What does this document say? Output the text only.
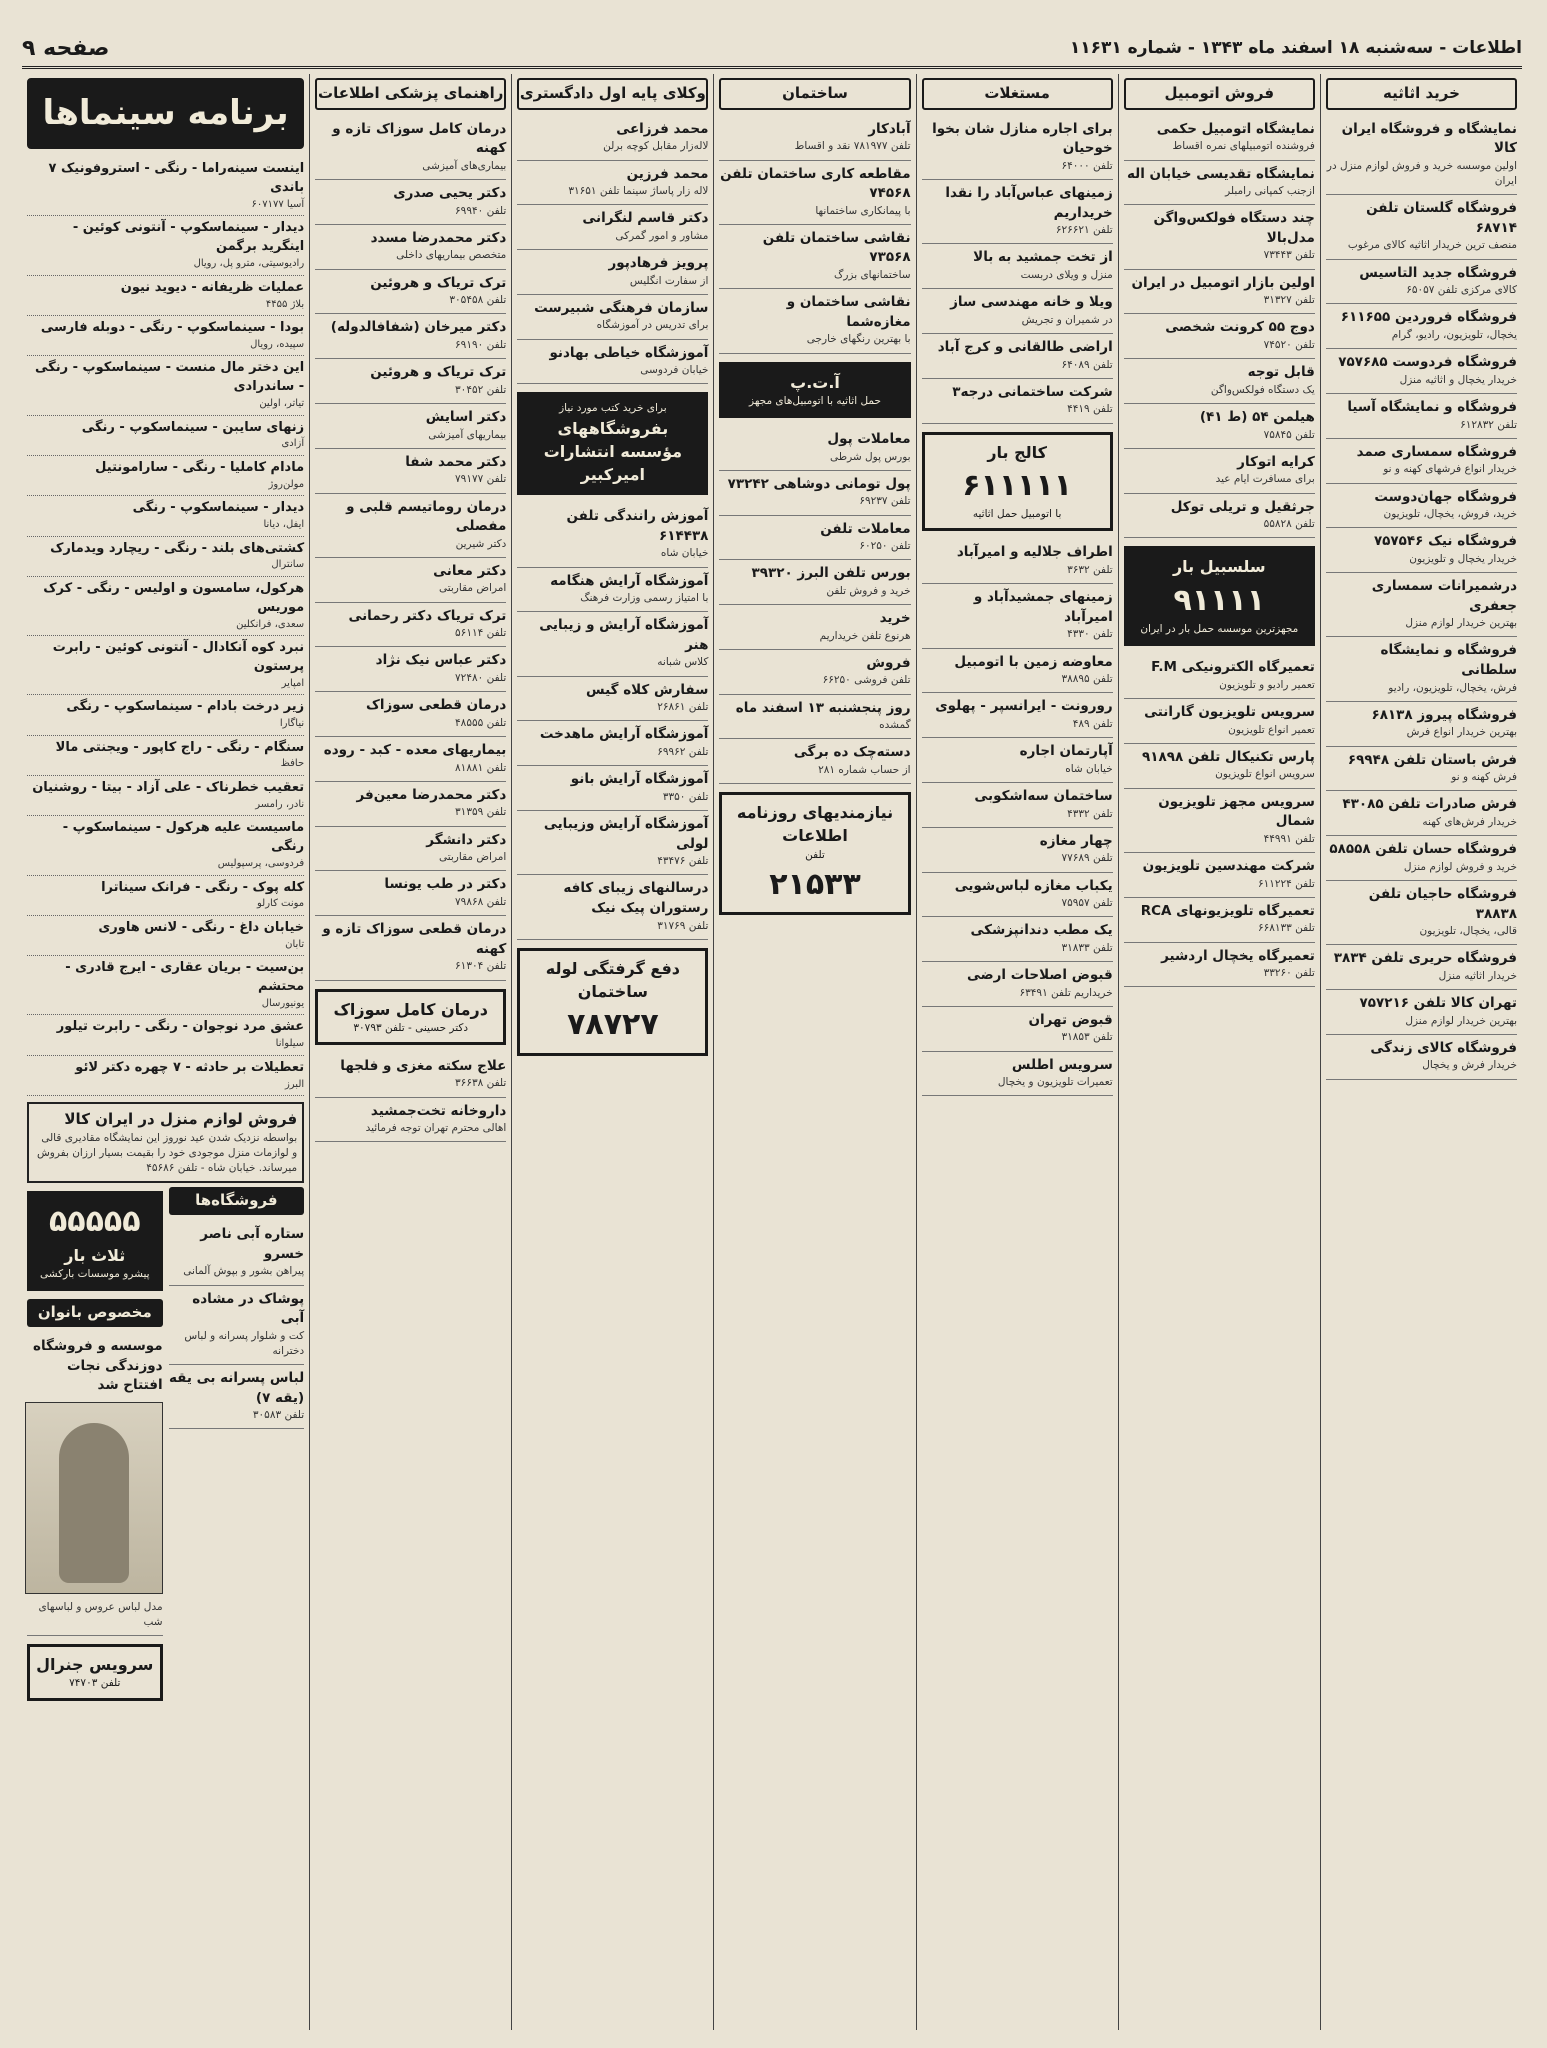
اطلاعات - سه‌شنبه ۱۸ اسفند ماه ۱۳۴۳ - شماره ۱۱۶۳۱
صفحه ۹
خرید اثاثیه
نمایشگاه و فروشگاه ایران کالا
اولین موسسه خرید و فروش لوازم منزل در ایران
فروشگاه گلستان تلفن ۶۸۷۱۴
منصف ترین خریدار اثاثیه کالای مرغوب
فروشگاه جدید التاسیس
کالای مرکزی تلفن ۶۵۰۵۷
فروشگاه فروردین ۶۱۱۶۵۵
یخچال، تلویزیون، رادیو، گرام
فروشگاه فردوست ۷۵۷۶۸۵
خریدار یخچال و اثاثیه منزل
فروشگاه و نمایشگاه آسیا
تلفن ۶۱۲۸۳۲
فروشگاه سمساری صمد
خریدار انواع فرشهای کهنه و نو
فروشگاه جهان‌دوست
خرید، فروش، یخچال، تلویزیون
فروشگاه نیک ۷۵۷۵۴۶
خریدار یخچال و تلویزیون
درشمیرانات سمساری جعفری
بهترین خریدار لوازم منزل
فروشگاه و نمایشگاه سلطانی
فرش، یخچال، تلویزیون، رادیو
فروشگاه پیروز ۶۸۱۳۸
بهترین خریدار انواع فرش
فرش باستان تلفن ۶۹۹۴۸
فرش کهنه و نو
فرش صادرات تلفن ۴۳۰۸۵
خریدار فرش‌های کهنه
فروشگاه حسان تلفن ۵۸۵۵۸
خرید و فروش لوازم منزل
فروشگاه حاجیان تلفن ۳۸۸۳۸
قالی، یخچال، تلویزیون
فروشگاه حریری تلفن ۳۸۳۴
خریدار اثاثیه منزل
تهران کالا تلفن ۷۵۷۲۱۶
بهترین خریدار لوازم منزل
فروشگاه کالای زندگی
خریدار فرش و یخچال
فروش اتومبیل
نمایشگاه اتومبیل حکمی
فروشنده اتومبیلهای نمره اقساط
نمایشگاه تقدیسی خیابان اله
ازجنب کمپانی رامبلر
چند دستگاه فولکس‌واگن مدل‌بالا
تلفن ۷۳۴۴۳
اولین بازار اتومبیل در ایران
تلفن ۳۱۳۲۷
دوج ۵۵ کرونت شخصی
تلفن ۷۴۵۲۰
قابل توجه
یک دستگاه فولکس‌واگن
هیلمن ۵۴ (ط ۴۱)
تلفن ۷۵۸۴۵
کرایه اتوکار
برای مسافرت ایام عید
جرثقیل و تریلی توکل
تلفن ۵۵۸۲۸
سلسبیل بار
۹۱۱۱۱
مجهزترین موسسه حمل بار در ایران
تعمیرگاه الکترونیکی F.M
تعمیر رادیو و تلویزیون
سرویس تلویزیون گارانتی
تعمیر انواع تلویزیون
پارس تکنیکال تلفن ۹۱۸۹۸
سرویس انواع تلویزیون
سرویس مجهز تلویزیون شمال
تلفن ۴۴۹۹۱
شرکت مهندسین تلویزیون
تلفن ۶۱۱۲۲۴
تعمیرگاه تلویزیونهای RCA
تلفن ۶۶۸۱۳۳
تعمیرگاه یخچال اردشیر
تلفن ۳۳۲۶۰
مستغلات
برای اجاره منازل شان بخوا خوحیان
تلفن ۶۴۰۰۰
زمینهای عباس‌آباد را نقدا خریداریم
تلفن ۶۲۶۶۲۱
از تخت جمشید به بالا
منزل و ویلای دربست
ویلا و خانه مهندسی ساز
در شمیران و تجریش
اراضی طالقانی و کرج آباد
تلفن ۶۴۰۸۹
شرکت ساختمانی درجه۳
تلفن ۴۴۱۹
کالج بار
۶۱۱۱۱۱
با اتومبیل حمل اثاثیه
اطراف جلالیه و امیرآباد
تلفن ۳۶۳۲
زمینهای جمشیدآباد و امیرآباد
تلفن ۴۳۳۰
معاوضه زمین با اتومبیل
تلفن ۳۸۸۹۵
رورونت - ایرانسپر - پهلوی
تلفن ۴۸۹
آپارتمان اجاره
خیابان شاه
ساختمان سه‌اشکوبی
تلفن ۴۳۳۲
چهار مغازه
تلفن ۷۷۶۸۹
یکباب مغازه لباس‌شویی
تلفن ۷۵۹۵۷
یک مطب دندانپزشکی
تلفن ۳۱۸۳۳
قبوض اصلاحات ارضی
خریداریم تلفن ۶۳۴۹۱
قبوض تهران
تلفن ۳۱۸۵۳
سرویس اطلس
تعمیرات تلویزیون و یخچال
ساختمان
آبادکار
تلفن ۷۸۱۹۷۷ نقد و اقساط
مقاطعه کاری ساختمان تلفن ۷۴۵۶۸
با پیمانکاری ساختمانها
نقاشی ساختمان تلفن ۷۳۵۶۸
ساختمانهای بزرگ
نقاشی ساختمان و مغازه‌شما
با بهترین رنگهای خارجی
آ.ت.پ
حمل اثاثیه با اتومبیل‌های مجهز
معاملات پول
بورس پول شرطی
پول تومانی دوشاهی ۷۳۲۴۲
تلفن ۶۹۲۳۷
معاملات تلفن
تلفن ۶۰۲۵۰
بورس تلفن البرز ۳۹۳۲۰
خرید و فروش تلفن
خرید
هرنوع تلفن خریداریم
فروش
تلفن فروشی ۶۶۲۵۰
روز پنجشنبه ۱۳ اسفند ماه
گمشده
دسته‌چک ده برگی
از حساب شماره ۲۸۱
نیازمندیهای روزنامه اطلاعات
تلفن
۲۱۵۳۳
وکلای پایه اول دادگستری
محمد فرزاعی
لاله‌زار مقابل کوچه برلن
محمد فرزین
لاله زار پاساژ سینما تلفن ۳۱۶۵۱
دکتر قاسم لنگرانی
مشاور و امور گمرکی
پرویز فرهادپور
از سفارت انگلیس
سازمان فرهنگی شبیرست
برای تدریس در آموزشگاه
آموزشگاه خیاطی بهادنو
خیابان فردوسی
برای خرید کتب مورد نیاز
بفروشگاههای مؤسسه انتشارات امیرکبیر
آموزش رانندگی تلفن ۶۱۴۴۳۸
خیابان شاه
آموزشگاه آرایش هنگامه
با امتیاز رسمی وزارت فرهنگ
آموزشگاه آرایش و زیبایی هنر
کلاس شبانه
سفارش کلاه گیس
تلفن ۲۶۸۶۱
آموزشگاه آرایش ماهدخت
تلفن ۶۹۹۶۲
آموزشگاه آرایش بانو
تلفن ۳۳۵۰
آموزشگاه آرایش وزیبایی لولی
تلفن ۴۳۴۷۶
درسالنهای زیبای کافه رستوران پیک نیک
تلفن ۳۱۷۶۹
دفع گرفتگی لوله ساختمان
۷۸۷۲۷
راهنمای پزشکی اطلاعات
درمان کامل سوزاک تازه و کهنه
بیماری‌های آمیزشی
دکتر یحیی صدری
تلفن ۶۹۹۴۰
دکتر محمدرضا مسدد
متخصص بیماریهای داخلی
ترک تریاک و هروئین
تلفن ۳۰۵۴۵۸
دکتر میرخان (شفافالدوله)
تلفن ۶۹۱۹۰
ترک تریاک و هروئین
تلفن ۳۰۴۵۲
دکتر اسایش
بیماریهای آمیزشی
دکتر محمد شفا
تلفن ۷۹۱۷۷
درمان روماتیسم قلبی و مفصلی
دکتر شیرین
دکتر معانی
امراض مقاربتی
ترک تریاک دکتر رحمانی
تلفن ۵۶۱۱۴
دکتر عباس نیک نژاد
تلفن ۷۲۴۸۰
درمان قطعی سوزاک
تلفن ۴۸۵۵۵
بیماریهای معده - کبد - روده
تلفن ۸۱۸۸۱
دکتر محمدرضا معین‌فر
تلفن ۳۱۳۵۹
دکتر دانشگر
امراض مقاربتی
دکتر در طب یونسا
تلفن ۷۹۸۶۸
درمان قطعی سوزاک تازه و کهنه
تلفن ۶۱۳۰۴
درمان کامل سوزاک
دکتر حسینی - تلفن ۳۰۷۹۳
علاج سکته مغزی و فلجها
تلفن ۳۶۶۳۸
داروخانه تخت‌جمشید
اهالی محترم تهران توجه فرمائید
برنامه سینماها
اینست سینه‌راما - رنگی - استروفونیک ۷ باندی
آسیا ۶۰۷۱۷۷
دیدار - سینماسکوپ - آنتونی کوئین - اینگرید برگمن
رادیوسیتی، مترو پل، رویال
عملیات ظریفانه - دیوید نیون
بلاژ ۴۴۵۵
بودا - سینماسکوپ - رنگی - دوبله فارسی
سپیده، رویال
این دختر مال منست - سینماسکوپ - رنگی - ساندرادی
تیاتر، اولین
زنهای سایبن - سینماسکوپ - رنگی
آزادی
مادام کاملیا - رنگی - سارامونتیل
مولن‌روژ
دیدار - سینماسکوپ - رنگی
ایفل، دیانا
کشتی‌های بلند - رنگی - ریچارد ویدمارک
سانترال
هرکول، سامسون و اولیس - رنگی - کرک موریس
سعدی، فرانکلین
نبرد کوه آنکادال - آنتونی کوئین - رابرت پرستون
امپایر
زیر درخت بادام - سینماسکوپ - رنگی
نیاگارا
سنگام - رنگی - راج کاپور - ویجنتی مالا
حافظ
تعقیب خطرناک - علی آزاد - بیتا - روشنیان
نادر، رامسر
ماسیست علیه هرکول - سینماسکوپ - رنگی
فردوسی، پرسپولیس
کله پوک - رنگی - فرانک سیناترا
مونت کارلو
خیابان داغ - رنگی - لانس هاوری
تابان
بن‌سیت - بریان عقاری - ایرج قادری - محتشم
یونیورسال
عشق مرد نوجوان - رنگی - رابرت تیلور
سیلوانا
تعطیلات بر حادثه - ۷ چهره دکتر لائو
البرز
فروش لوازم منزل در ایران کالا
بواسطه نزدیک شدن عید نوروز این نمایشگاه مقادیری قالی و لوازمات منزل موجودی خود را بقیمت بسیار ارزان بفروش میرساند. خیابان شاه - تلفن ۴۵۶۸۶
فروشگاه‌ها
ستاره آبی ناصر خسرو
پیراهن بشور و بپوش آلمانی
پوشاک در مشاده آبی
کت و شلوار پسرانه و لباس دخترانه
لباس پسرانه بی یقه (یقه ۷)
تلفن ۳۰۵۸۳
۵۵۵۵۵
ثلاث بار
پیشرو موسسات بارکشی
مخصوص بانوان
موسسه و فروشگاه دوزندگی نجات افتتاح شد
مدل لباس عروس و لباسهای شب
سرویس جنرال
تلفن ۷۴۷۰۳
